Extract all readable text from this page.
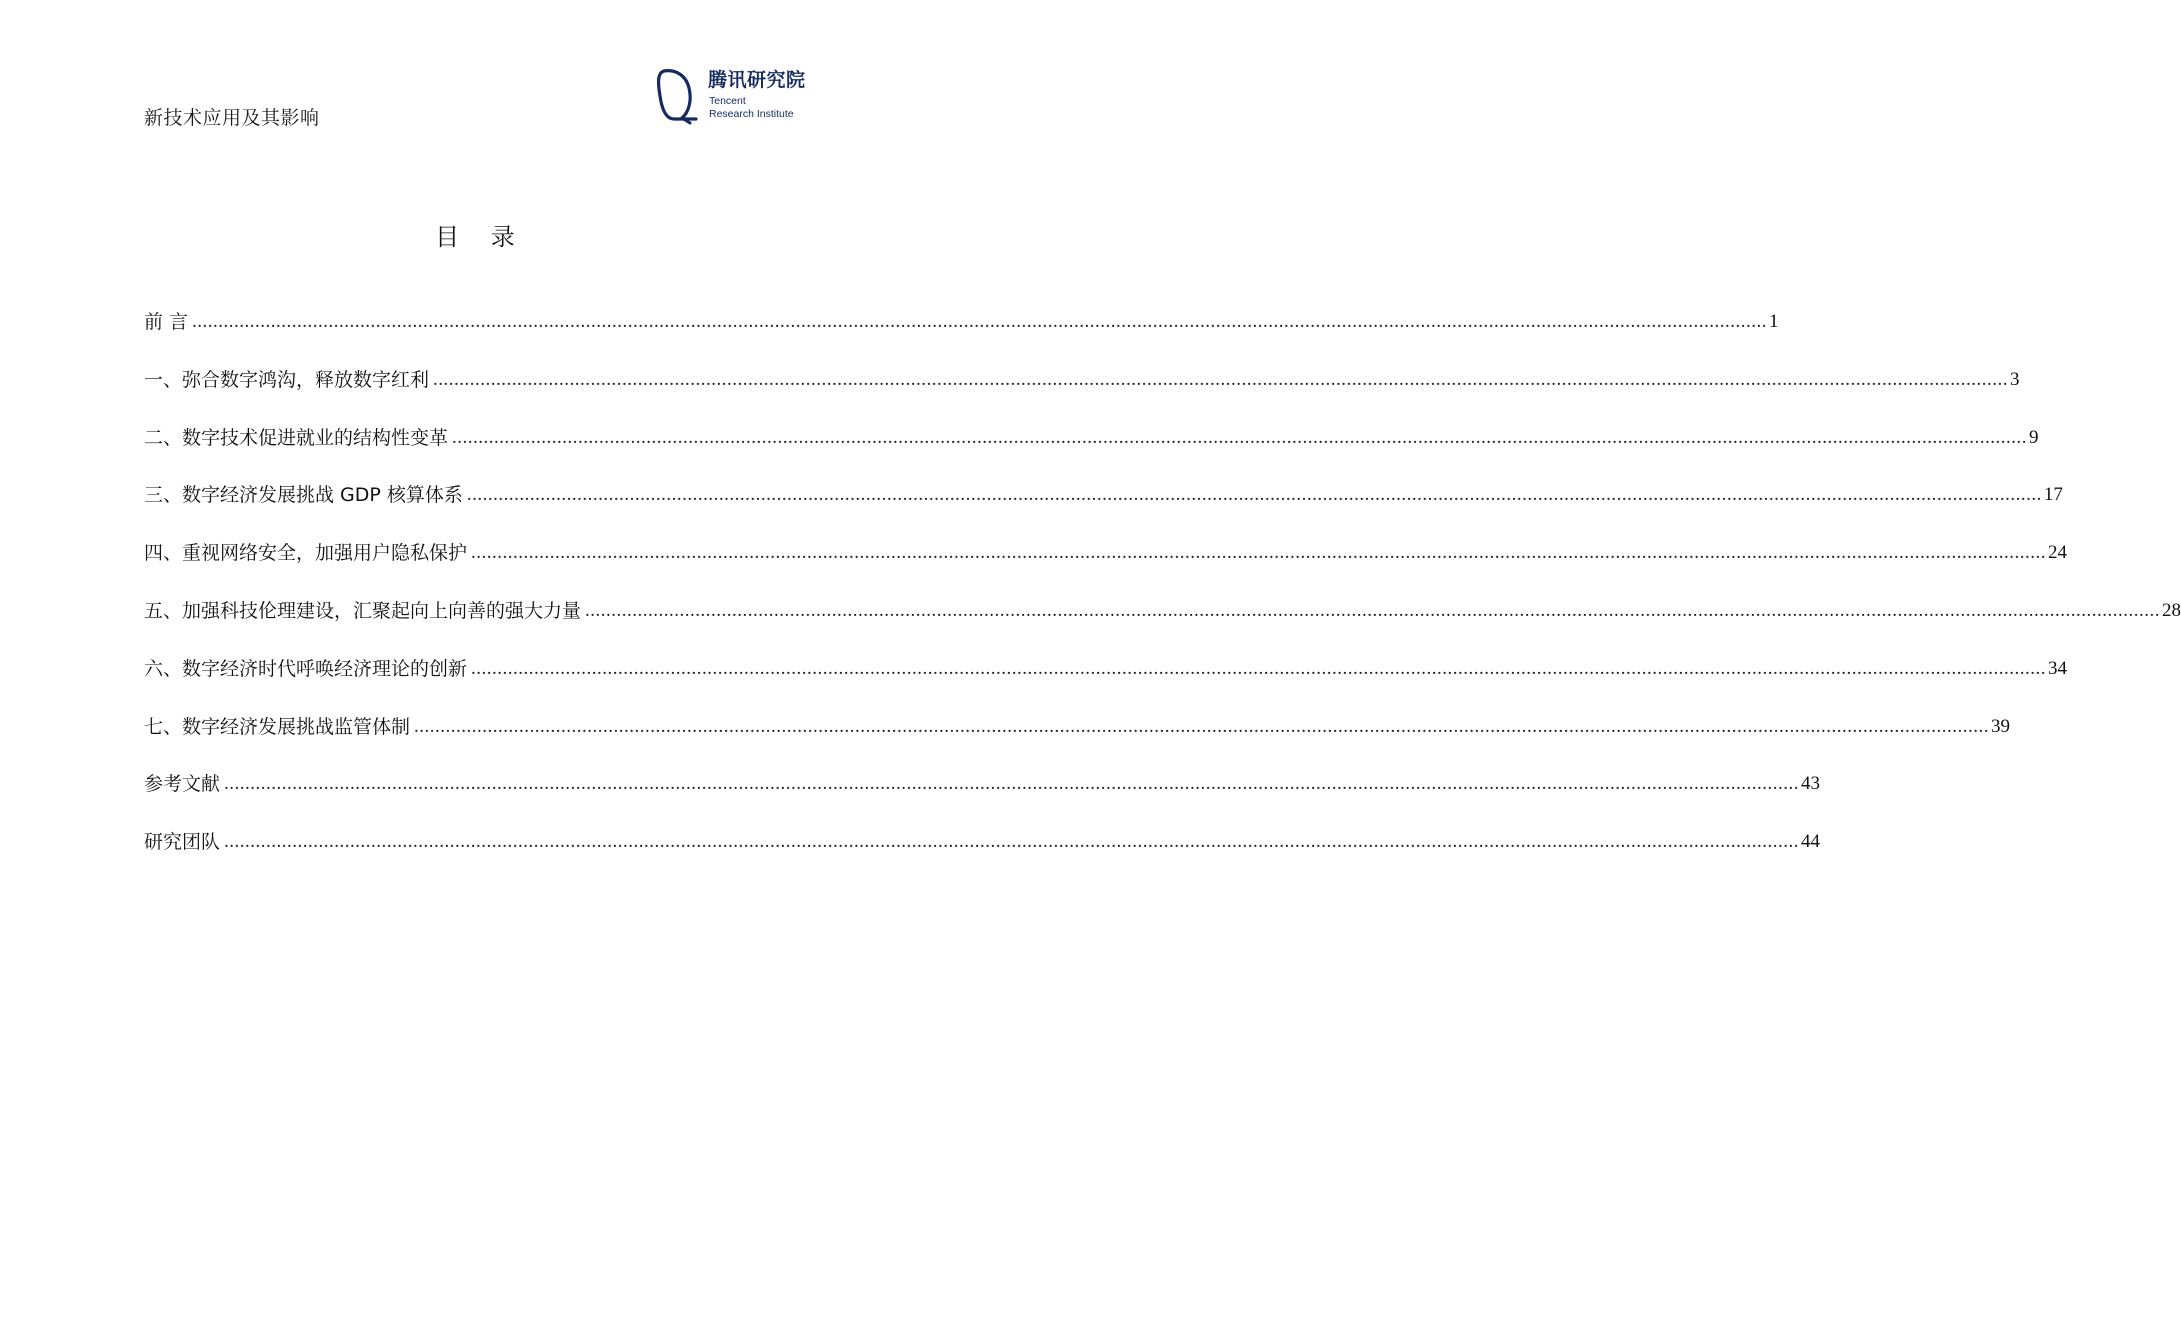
新技术应用及其影响
腾讯研究院
Tencent
Research Institute
目 录
前 言 ............................................................................................................................................................................................................................................................................................................ 1
一、弥合数字鸿沟，释放数字红利 ............................................................................................................................................................................................................................................................................................................ 3
二、数字技术促进就业的结构性变革 ............................................................................................................................................................................................................................................................................................................ 9
三、数字经济发展挑战 GDP 核算体系 ............................................................................................................................................................................................................................................................................................................ 17
四、重视网络安全，加强用户隐私保护 ............................................................................................................................................................................................................................................................................................................ 24
五、加强科技伦理建设，汇聚起向上向善的强大力量 ............................................................................................................................................................................................................................................................................................................ 28
六、数字经济时代呼唤经济理论的创新 ............................................................................................................................................................................................................................................................................................................ 34
七、数字经济发展挑战监管体制 ............................................................................................................................................................................................................................................................................................................ 39
参考文献 ............................................................................................................................................................................................................................................................................................................ 43
研究团队 ............................................................................................................................................................................................................................................................................................................ 44
